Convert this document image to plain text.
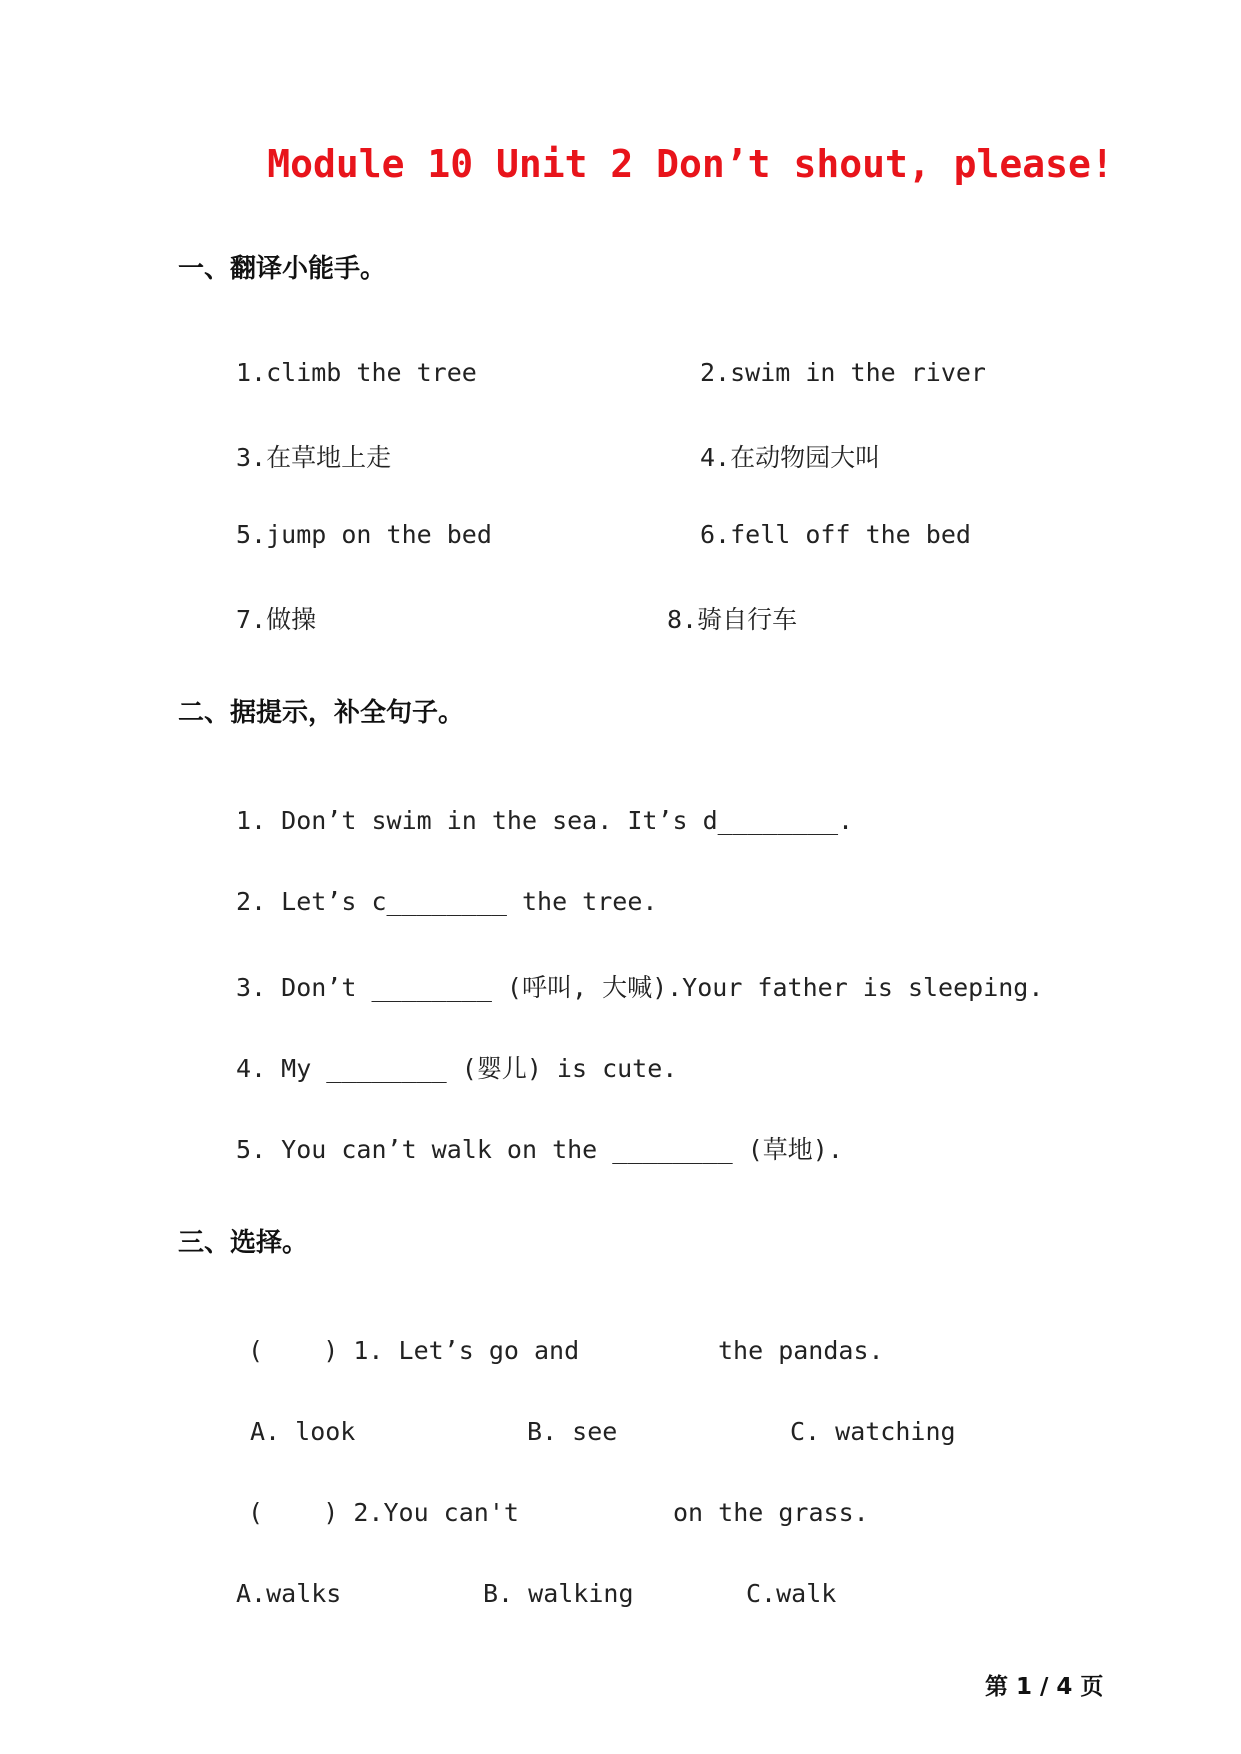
Module 10 Unit 2 Don’t shout, please!
一、翻译小能手。
1.climb the tree	2.swim in the river
3.在草地上走	4.在动物园大叫
5.jump on the bed	6.fell off the bed
7.做操	8.骑自行车
二、据提示，补全句子。
1. Don’t swim in the sea. It’s d________.
2. Let’s c________ the tree.
3. Don’t ________ (呼叫, 大喊).Your father is sleeping.
4. My ________ (婴儿) is cute.
5. You can’t walk on the ________ (草地).
三、选择。
(    ) 1. Let’s go and	the pandas.
A. look	B. see	C. watching
(    ) 2.You can't	on the grass.
A.walks	B. walking	C.walk
第 1 / 4 页
